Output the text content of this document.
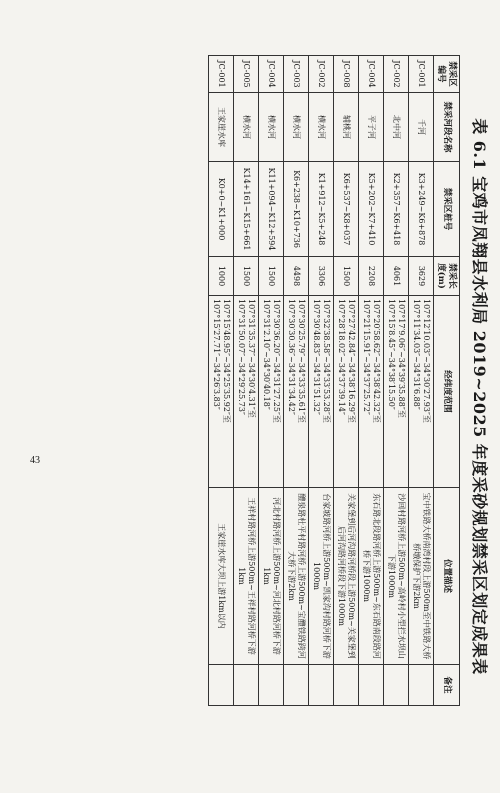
表 6.1 宝鸡市凤翔县水利局 2019~2025 年度采砂规划禁采区划定成果表
禁采区编号	禁采河段名称	禁采区桩号	禁采长度(m)	经纬度范围	位置描述	备注
JC-001	千河	K3+249~K6+878	3629	107°12′10.03″~34°30′27.93″至107°11′34.03″~34°31′6.88″	宝中铁路大桥南湾村段上游500m至中铁路大桥桥墩保护下游2km	
JC-002	北中河	K2+357~K6+418	4061	107°17′9.06″~34°39′35.88″至107°15′8.45″~34°38′15.50″	沙回村路河桥上游500m~高岭村小型拦水坝山下游1000m	
JC-004	平子河	K5+202~K7+410	2208	107°20′58.62″~34°38′42.32″至107°21′15.91″~34°37′25.72″	东石路北段路河桥上游500m~东石路南段路河桥下游1000m	
JC-008	辅桃河	K6+537~K8+037	1500	107°27′42.84″~34°38′16.29″至107°28′18.02″~34°37′39.14″	关家堡到后河沟路河桥段上游500m~关家堡到后河沟路河桥段下游1000m	
JC-002	横水河	K1+912~K5+248	3306	107°32′38.58″~34°33′53.28″至107°30′48.83″~34°31′51.32″	台家坡路河桥上游500m~凯家沟村路河桥下游1000m	
JC-003	横水河	K6+238~K10+736	4498	107°30′25.79″~34°33′35.61″至107°30′30.36″~34°31′34.42″	醴泉路杜平村路河桥上游500m~宝醴铁路跨河大桥下游2km	
JC-004	横水河	K11+094~K12+594	1500	107°30′36.20″~34°31′27.25″至107°31′2.10″~34°30′40.18″	河北村路河桥上游500m~河北村路河桥下游1km	
JC-005	横水河	K14+161~K15+661	1500	107°31′35.37″~34°30′4.31″至107°31′50.07″~34°29′25.73″	王祥村路河桥上游500m~王祥村路河桥下游1km	
JC-001	王家崖水库	K0+0~K1+000	1000	107°15′48.95″~34°25′35.92″至107°15′27.71″~34°26′3.83″	王家崖水库大坝上游1km以内	
43
